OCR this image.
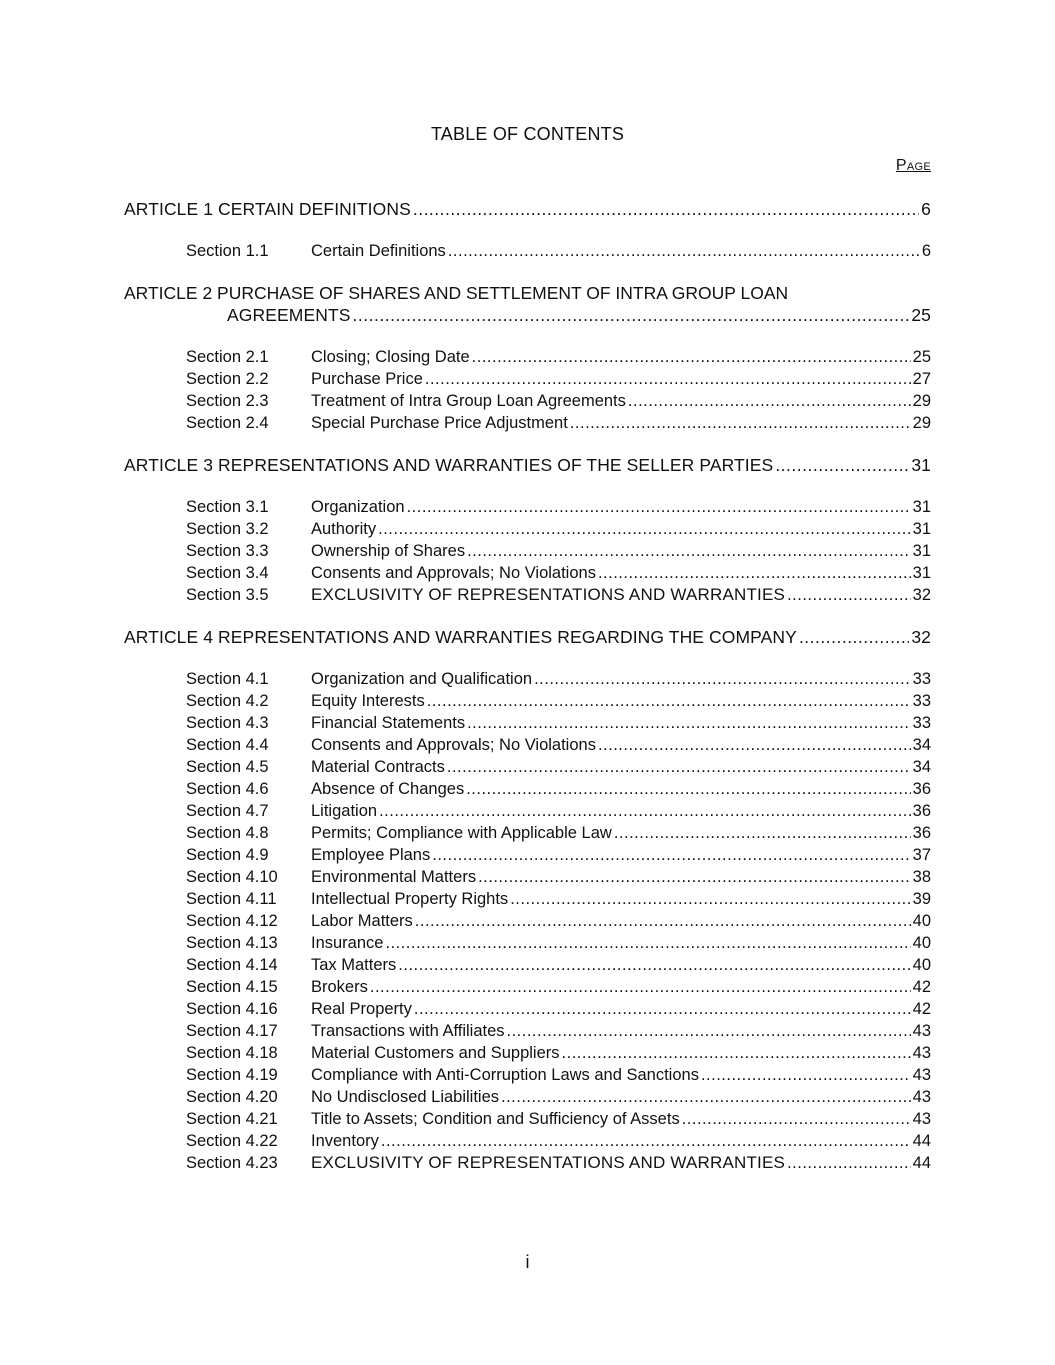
TABLE OF CONTENTS
Page
ARTICLE 1 CERTAIN DEFINITIONS .....	6
Section 1.1	Certain Definitions .....	6
ARTICLE 2 PURCHASE OF SHARES AND SETTLEMENT OF INTRA GROUP LOAN
AGREEMENTS .....	25
Section 2.1	Closing; Closing Date .....	25
Section 2.2	Purchase Price .....	27
Section 2.3	Treatment of Intra Group Loan Agreements .....	29
Section 2.4	Special Purchase Price Adjustment .....	29
ARTICLE 3 REPRESENTATIONS AND WARRANTIES OF THE SELLER PARTIES .....	31
Section 3.1	Organization .....	31
Section 3.2	Authority .....	31
Section 3.3	Ownership of Shares .....	31
Section 3.4	Consents and Approvals; No Violations .....	31
Section 3.5	EXCLUSIVITY OF REPRESENTATIONS AND WARRANTIES .....	32
ARTICLE 4 REPRESENTATIONS AND WARRANTIES REGARDING THE COMPANY .....	32
Section 4.1	Organization and Qualification .....	33
Section 4.2	Equity Interests .....	33
Section 4.3	Financial Statements .....	33
Section 4.4	Consents and Approvals; No Violations .....	34
Section 4.5	Material Contracts .....	34
Section 4.6	Absence of Changes .....	36
Section 4.7	Litigation .....	36
Section 4.8	Permits; Compliance with Applicable Law .....	36
Section 4.9	Employee Plans .....	37
Section 4.10	Environmental Matters .....	38
Section 4.11	Intellectual Property Rights .....	39
Section 4.12	Labor Matters .....	40
Section 4.13	Insurance .....	40
Section 4.14	Tax Matters .....	40
Section 4.15	Brokers .....	42
Section 4.16	Real Property .....	42
Section 4.17	Transactions with Affiliates .....	43
Section 4.18	Material Customers and Suppliers .....	43
Section 4.19	Compliance with Anti-Corruption Laws and Sanctions .....	43
Section 4.20	No Undisclosed Liabilities .....	43
Section 4.21	Title to Assets; Condition and Sufficiency of Assets .....	43
Section 4.22	Inventory .....	44
Section 4.23	EXCLUSIVITY OF REPRESENTATIONS AND WARRANTIES .....	44
i
